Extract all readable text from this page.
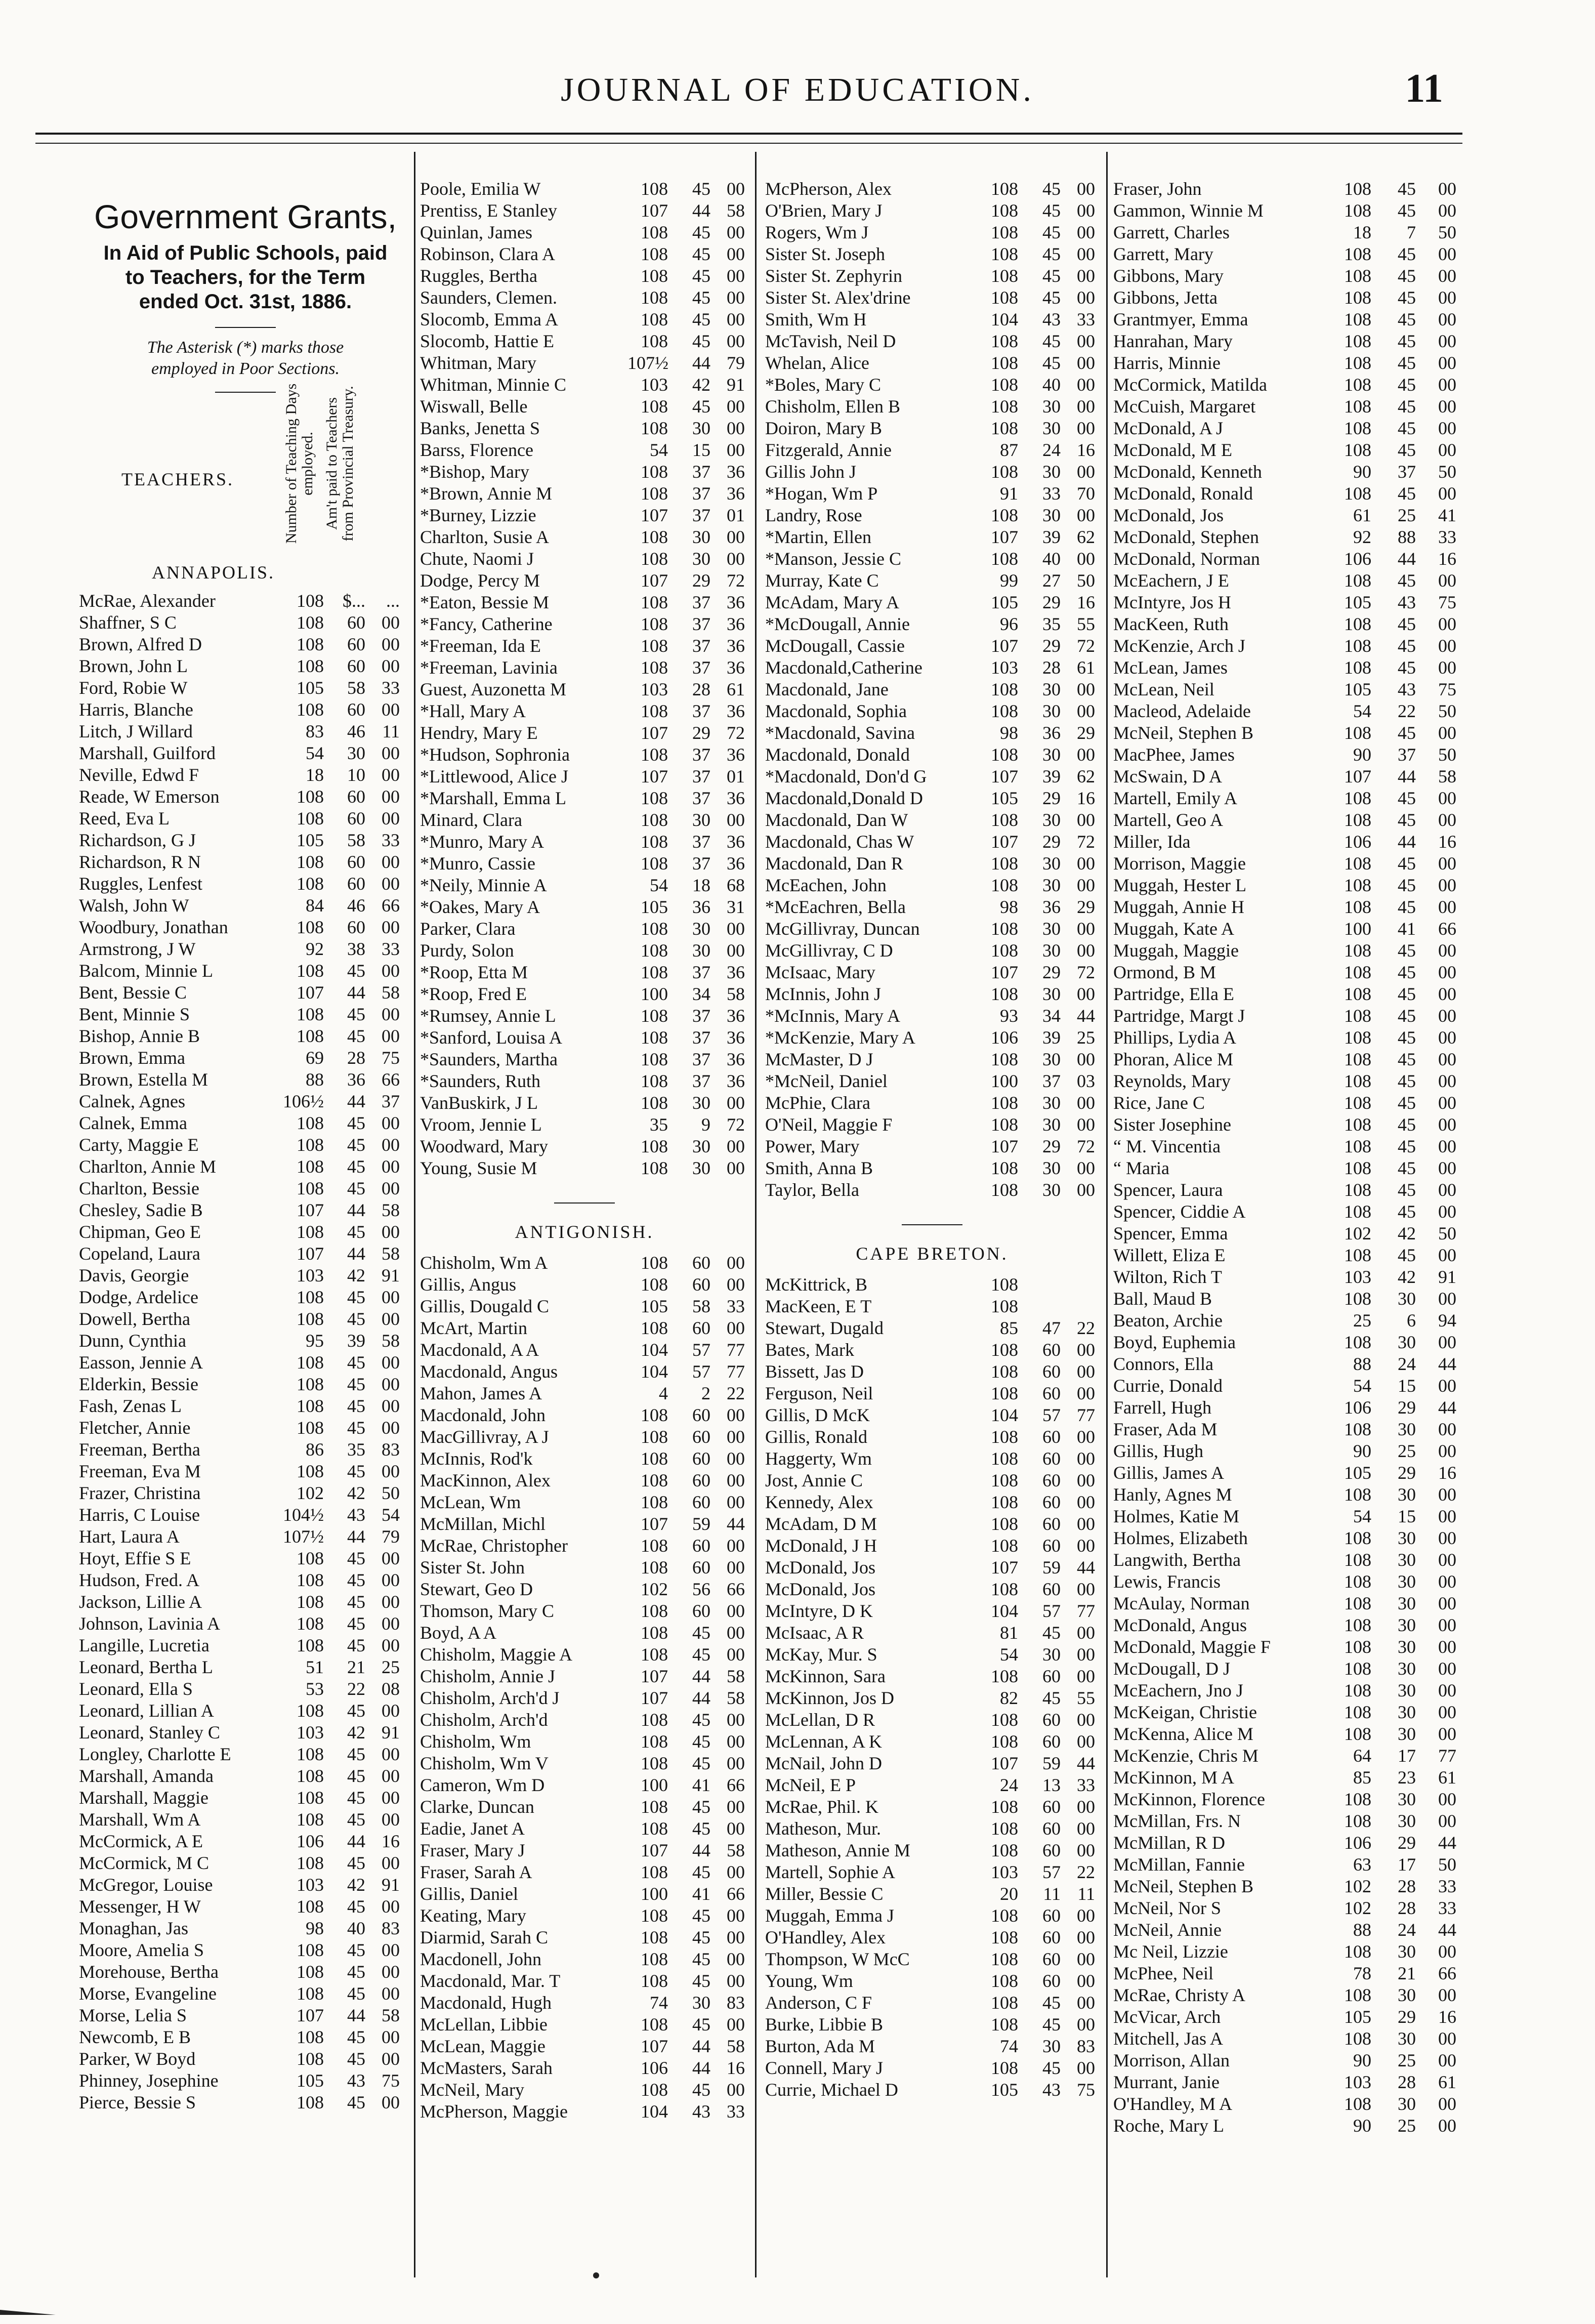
JOURNAL OF EDUCATION.	11
Government Grants,
In Aid of Public Schools, paid
to Teachers, for the Term
ended Oct. 31st, 1886.
The Asterisk (*) marks those
employed in Poor Sections.
TEACHERS.	Number of Teaching Days employed. Am't paid to Teachers from Provincial Treasury.
ANNAPOLIS.
McRae, Alexander	108	$...	...
Shaffner, S C	108	60 00
Brown, Alfred D	108	60 00
Brown, John L	108	60 00
Ford, Robie W	105	58 33
Harris, Blanche	108	60 00
Litch, J Willard	83	46 11
Marshall, Guilford	54	30 00
Neville, Edwd F	18	10 00
Reade, W Emerson	108	60 00
Reed, Eva L	108	60 00
Richardson, G J	105	58 33
Richardson, R N	108	60 00
Ruggles, Lenfest	108	60 00
Walsh, John W	84	46 66
Woodbury, Jonathan	108	60 00
Armstrong, J W	92	38 33
Balcom, Minnie L	108	45 00
Bent, Bessie C	107	44 58
Bent, Minnie S	108	45 00
Bishop, Annie B	108	45 00
Brown, Emma	69	28 75
Brown, Estella M	88	36 66
Calnek, Agnes	106½	44 37
Calnek, Emma	108	45 00
Carty, Maggie E	108	45 00
Charlton, Annie M	108	45 00
Charlton, Bessie	108	45 00
Chesley, Sadie B	107	44 58
Chipman, Geo E	108	45 00
Copeland, Laura	107	44 58
Davis, Georgie	103	42 91
Dodge, Ardelice	108	45 00
Dowell, Bertha	108	45 00
Dunn, Cynthia	95	39 58
Easson, Jennie A	108	45 00
Elderkin, Bessie	108	45 00
Fash, Zenas L	108	45 00
Fletcher, Annie	108	45 00
Freeman, Bertha	86	35 83
Freeman, Eva M	108	45 00
Frazer, Christina	102	42 50
Harris, C Louise	104½	43 54
Hart, Laura A	107½	44 79
Hoyt, Effie S E	108	45 00
Hudson, Fred. A	108	45 00
Jackson, Lillie A	108	45 00
Johnson, Lavinia A	108	45 00
Langille, Lucretia	108	45 00
Leonard, Bertha L	51	21 25
Leonard, Ella S	53	22 08
Leonard, Lillian A	108	45 00
Leonard, Stanley C	103	42 91
Longley, Charlotte E	108	45 00
Marshall, Amanda	108	45 00
Marshall, Maggie	108	45 00
Marshall, Wm A	108	45 00
McCormick, A E	106	44 16
McCormick, M C	108	45 00
McGregor, Louise	103	42 91
Messenger, H W	108	45 00
Monaghan, Jas	98	40 83
Moore, Amelia S	108	45 00
Morehouse, Bertha	108	45 00
Morse, Evangeline	108	45 00
Morse, Lelia S	107	44 58
Newcomb, E B	108	45 00
Parker, W Boyd	108	45 00
Phinney, Josephine	105	43 75
Pierce, Bessie S	108	45 00
Poole, Emilia W	108	45 00
Prentiss, E Stanley	107	44 58
Quinlan, James	108	45 00
Robinson, Clara A	108	45 00
Ruggles, Bertha	108	45 00
Saunders, Clemen.	108	45 00
Slocomb, Emma A	108	45 00
Slocomb, Hattie E	108	45 00
Whitman, Mary	107½	44 79
Whitman, Minnie C	103	42 91
Wiswall, Belle	108	45 00
Banks, Jenetta S	108	30 00
Barss, Florence	54	15 00
*Bishop, Mary	108	37 36
*Brown, Annie M	108	37 36
*Burney, Lizzie	107	37 01
Charlton, Susie A	108	30 00
Chute, Naomi J	108	30 00
Dodge, Percy M	107	29 72
*Eaton, Bessie M	108	37 36
*Fancy, Catherine	108	37 36
*Freeman, Ida E	108	37 36
*Freeman, Lavinia	108	37 36
Guest, Auzonetta M	103	28 61
*Hall, Mary A	108	37 36
Hendry, Mary E	107	29 72
*Hudson, Sophronia	108	37 36
*Littlewood, Alice J	107	37 01
*Marshall, Emma L	108	37 36
Minard, Clara	108	30 00
*Munro, Mary A	108	37 36
*Munro, Cassie	108	37 36
*Neily, Minnie A	54	18 68
*Oakes, Mary A	105	36 31
Parker, Clara	108	30 00
Purdy, Solon	108	30 00
*Roop, Etta M	108	37 36
*Roop, Fred E	100	34 58
*Rumsey, Annie L	108	37 36
*Sanford, Louisa A	108	37 36
*Saunders, Martha	108	37 36
*Saunders, Ruth	108	37 36
VanBuskirk, J L	108	30 00
Vroom, Jennie L	35	9 72
Woodward, Mary	108	30 00
Young, Susie M	108	30 00
ANTIGONISH.
Chisholm, Wm A	108	60 00
Gillis, Angus	108	60 00
Gillis, Dougald C	105	58 33
McArt, Martin	108	60 00
Macdonald, A A	104	57 77
Macdonald, Angus	104	57 77
Mahon, James A	4	2 22
Macdonald, John	108	60 00
MacGillivray, A J	108	60 00
McInnis, Rod'k	108	60 00
MacKinnon, Alex	108	60 00
McLean, Wm	108	60 00
McMillan, Michl	107	59 44
McRae, Christopher	108	60 00
Sister St. John	108	60 00
Stewart, Geo D	102	56 66
Thomson, Mary C	108	60 00
Boyd, A A	108	45 00
Chisholm, Maggie A	108	45 00
Chisholm, Annie J	107	44 58
Chisholm, Arch'd J	107	44 58
Chisholm, Arch'd	108	45 00
Chisholm, Wm	108	45 00
Chisholm, Wm V	108	45 00
Cameron, Wm D	100	41 66
Clarke, Duncan	108	45 00
Eadie, Janet A	108	45 00
Fraser, Mary J	107	44 58
Fraser, Sarah A	108	45 00
Gillis, Daniel	100	41 66
Keating, Mary	108	45 00
Diarmid, Sarah C	108	45 00
Macdonell, John	108	45 00
Macdonald, Mar. T	108	45 00
Macdonald, Hugh	74	30 83
McLellan, Libbie	108	45 00
McLean, Maggie	107	44 58
McMasters, Sarah	106	44 16
McNeil, Mary	108	45 00
McPherson, Maggie	104	43 33
McPherson, Alex	108	45 00
O'Brien, Mary J	108	45 00
Rogers, Wm J	108	45 00
Sister St. Joseph	108	45 00
Sister St. Zephyrin	108	45 00
Sister St. Alex'drine	108	45 00
Smith, Wm H	104	43 33
McTavish, Neil D	108	45 00
Whelan, Alice	108	45 00
*Boles, Mary C	108	40 00
Chisholm, Ellen B	108	30 00
Doiron, Mary B	108	30 00
Fitzgerald, Annie	87	24 16
Gillis John J	108	30 00
*Hogan, Wm P	91	33 70
Landry, Rose	108	30 00
*Martin, Ellen	107	39 62
*Manson, Jessie C	108	40 00
Murray, Kate C	99	27 50
McAdam, Mary A	105	29 16
*McDougall, Annie	96	35 55
McDougall, Cassie	107	29 72
Macdonald,Catherine	103	28 61
Macdonald, Jane	108	30 00
Macdonald, Sophia	108	30 00
*Macdonald, Savina	98	36 29
Macdonald, Donald	108	30 00
*Macdonald, Don'd G	107	39 62
Macdonald,Donald D	105	29 16
Macdonald, Dan W	108	30 00
Macdonald, Chas W	107	29 72
Macdonald, Dan R	108	30 00
McEachen, John	108	30 00
*McEachren, Bella	98	36 29
McGillivray, Duncan	108	30 00
McGillivray, C D	108	30 00
McIsaac, Mary	107	29 72
McInnis, John J	108	30 00
*McInnis, Mary A	93	34 44
*McKenzie, Mary A	106	39 25
McMaster, D J	108	30 00
*McNeil, Daniel	100	37 03
McPhie, Clara	108	30 00
O'Neil, Maggie F	108	30 00
Power, Mary	107	29 72
Smith, Anna B	108	30 00
Taylor, Bella	108	30 00
CAPE BRETON.
McKittrick, B	108
MacKeen, E T	108
Stewart, Dugald	85	47 22
Bates, Mark	108	60 00
Bissett, Jas D	108	60 00
Ferguson, Neil	108	60 00
Gillis, D McK	104	57 77
Gillis, Ronald	108	60 00
Haggerty, Wm	108	60 00
Jost, Annie C	108	60 00
Kennedy, Alex	108	60 00
McAdam, D M	108	60 00
McDonald, J H	108	60 00
McDonald, Jos	107	59 44
McDonald, Jos	108	60 00
McIntyre, D K	104	57 77
McIsaac, A R	81	45 00
McKay, Mur. S	54	30 00
McKinnon, Sara	108	60 00
McKinnon, Jos D	82	45 55
McLellan, D R	108	60 00
McLennan, A K	108	60 00
McNail, John D	107	59 44
McNeil, E P	24	13 33
McRae, Phil. K	108	60 00
Matheson, Mur.	108	60 00
Matheson, Annie M	108	60 00
Martell, Sophie A	103	57 22
Miller, Bessie C	20	11 11
Muggah, Emma J	108	60 00
O'Handley, Alex	108	60 00
Thompson, W McC	108	60 00
Young, Wm	108	60 00
Anderson, C F	108	45 00
Burke, Libbie B	108	45 00
Burton, Ada M	74	30 83
Connell, Mary J	108	45 00
Currie, Michael D	105	43 75
Fraser, John	108	45	00
Gammon, Winnie M	108	45	00
Garrett, Charles	18	7	50
Garrett, Mary	108	45	00
Gibbons, Mary	108	45	00
Gibbons, Jetta	108	45	00
Grantmyer, Emma	108	45	00
Hanrahan, Mary	108	45	00
Harris, Minnie	108	45	00
McCormick, Matilda	108	45	00
McCuish, Margaret	108	45	00
McDonald, A J	108	45	00
McDonald, M E	108	45	00
McDonald, Kenneth	90	37	50
McDonald, Ronald	108	45	00
McDonald, Jos	61	25	41
McDonald, Stephen	92	88	33
McDonald, Norman	106	44	16
McEachern, J E	108	45	00
McIntyre, Jos H	105	43	75
MacKeen, Ruth	108	45	00
McKenzie, Arch J	108	45	00
McLean, James	108	45	00
McLean, Neil	105	43	75
Macleod, Adelaide	54	22	50
McNeil, Stephen B	108	45	00
MacPhee, James	90	37	50
McSwain, D A	107	44	58
Martell, Emily A	108	45	00
Martell, Geo A	108	45	00
Miller, Ida	106	44	16
Morrison, Maggie	108	45	00
Muggah, Hester L	108	45	00
Muggah, Annie H	108	45	00
Muggah, Kate A	100	41	66
Muggah, Maggie	108	45	00
Ormond, B M	108	45	00
Partridge, Ella E	108	45	00
Partridge, Margt J	108	45	00
Phillips, Lydia A	108	45	00
Phoran, Alice M	108	45	00
Reynolds, Mary	108	45	00
Rice, Jane C	108	45	00
Sister Josephine	108	45	00
“ M. Vincentia	108	45	00
“ Maria	108	45	00
Spencer, Laura	108	45	00
Spencer, Ciddie A	108	45	00
Spencer, Emma	102	42	50
Willett, Eliza E	108	45	00
Wilton, Rich T	103	42	91
Ball, Maud B	108	30	00
Beaton, Archie	25	6	94
Boyd, Euphemia	108	30	00
Connors, Ella	88	24	44
Currie, Donald	54	15	00
Farrell, Hugh	106	29	44
Fraser, Ada M	108	30	00
Gillis, Hugh	90	25	00
Gillis, James A	105	29	16
Hanly, Agnes M	108	30	00
Holmes, Katie M	54	15	00
Holmes, Elizabeth	108	30	00
Langwith, Bertha	108	30	00
Lewis, Francis	108	30	00
McAulay, Norman	108	30	00
McDonald, Angus	108	30	00
McDonald, Maggie F	108	30	00
McDougall, D J	108	30	00
McEachern, Jno J	108	30	00
McKeigan, Christie	108	30	00
McKenna, Alice M	108	30	00
McKenzie, Chris M	64	17	77
McKinnon, M A	85	23	61
McKinnon, Florence	108	30	00
McMillan, Frs. N	108	30	00
McMillan, R D	106	29	44
McMillan, Fannie	63	17	50
McNeil, Stephen B	102	28	33
McNeil, Nor S	102	28	33
McNeil, Annie	88	24	44
Mc Neil, Lizzie	108	30	00
McPhee, Neil	78	21	66
McRae, Christy A	108	30	00
McVicar, Arch	105	29	16
Mitchell, Jas A	108	30	00
Morrison, Allan	90	25	00
Murrant, Janie	103	28	61
O'Handley, M A	108	30	00
Roche, Mary L	90	25	00
